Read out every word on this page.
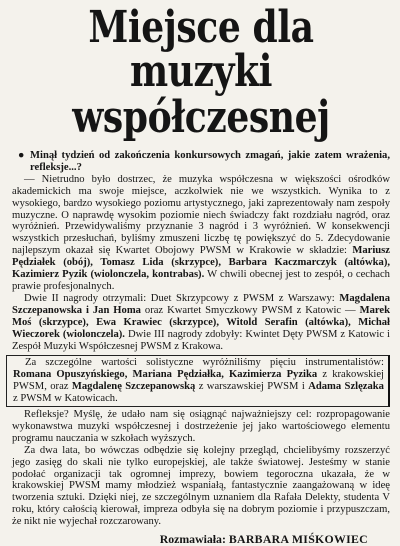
Miejsce dla muzyki
współczesnej

● Minął tydzień od zakończenia konkursowych zmagań, jakie zatem wrażenia, refleksje...?

— Nietrudno było dostrzec, że muzyka współczesna w większości ośrodków akademickich ma swoje miejsce, aczkolwiek nie we wszystkich. Wynika to z wysokiego, bardzo wysokiego poziomu artystycznego, jaki zaprezentowały nam zespoły muzyczne. O naprawdę wysokim poziomie niech świadczy fakt rozdziału nagród, oraz wyróżnień. Przewidywaliśmy przyznanie 3 nagród i 3 wyróżnień. W konsekwencji wszystkich przesłuchań, byliśmy zmuszeni liczbę tę powiększyć do 5. Zdecydowanie najlepszym okazał się Kwartet Obojowy PWSM w Krakowie w składzie: Mariusz Pędziałek (obój), Tomasz Lida (skrzypce), Barbara Kaczmarczyk (altówka), Kazimierz Pyzik (wiolonczela, kontrabas). W chwili obecnej jest to zespół, o cechach prawie profesjonalnych.

Dwie II nagrody otrzymali: Duet Skrzypcowy z PWSM z Warszawy: Magdalena Szczepanowska i Jan Homa oraz Kwartet Smyczkowy PWSM z Katowic — Marek Moś (skrzypce), Ewa Krawiec (skrzypce), Witold Serafin (altówka), Michał Wieczorek (wiolonczela). Dwie III nagrody zdobyły: Kwintet Dęty PWSM z Katowic i Zespół Muzyki Współczesnej PWSM z Krakowa.

Za szczególne wartości solistyczne wyróżniliśmy pięciu instrumentalistów: Romana Opuszyńskiego, Mariana Pędziałka, Kazimierza Pyzika z krakowskiej PWSM, oraz Magdalenę Szczepanowską z warszawskiej PWSM i Adama Szlęzaka z PWSM w Katowicach.

Refleksje? Myślę, że udało nam się osiągnąć najważniejszy cel: rozpropagowanie wykonawstwa muzyki współczesnej i dostrzeżenie jej jako wartościowego elementu programu nauczania w szkołach wyższych.

Za dwa lata, bo wówczas odbędzie się kolejny przegląd, chcielibyśmy rozszerzyć jego zasięg do skali nie tylko europejskiej, ale także światowej. Jesteśmy w stanie podołać organizacji tak ogromnej imprezy, bowiem tegoroczna ukazała, że w krakowskiej PWSM mamy młodzież wspaniałą, fantastycznie zaangażowaną w ideę tworzenia sztuki. Dzięki niej, ze szczególnym uznaniem dla Rafała Delekty, studenta V roku, który całością kierował, impreza odbyła się na dobrym poziomie i przypuszczam, że nikt nie wyjechał rozczarowany.

Rozmawiała: BARBARA MIŚKOWIEC
